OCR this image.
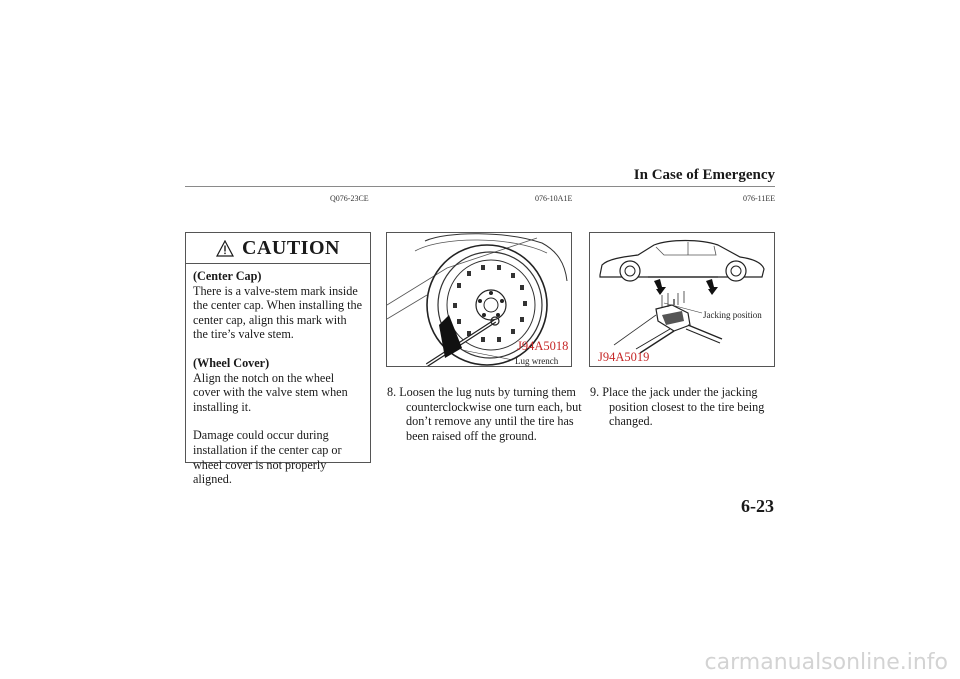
In Case of Emergency
Q076-23CE	076-10A1E	076-11EE
CAUTION

(Center Cap)
There is a valve-stem mark inside the center cap. When installing the center cap, align this mark with the tire’s valve stem.

(Wheel Cover)
Align the notch on the wheel cover with the valve stem when installing it.

Damage could occur during installation if the center cap or wheel cover is not properly aligned.

J94A5018
Lug wrench
Jacking position
J94A5019
8. Loosen the lug nuts by turning them counterclockwise one turn each, but don’t remove any until the tire has been raised off the ground.
9. Place the jack under the jacking position closest to the tire being changed.
6-23
carmanualsonline.info
